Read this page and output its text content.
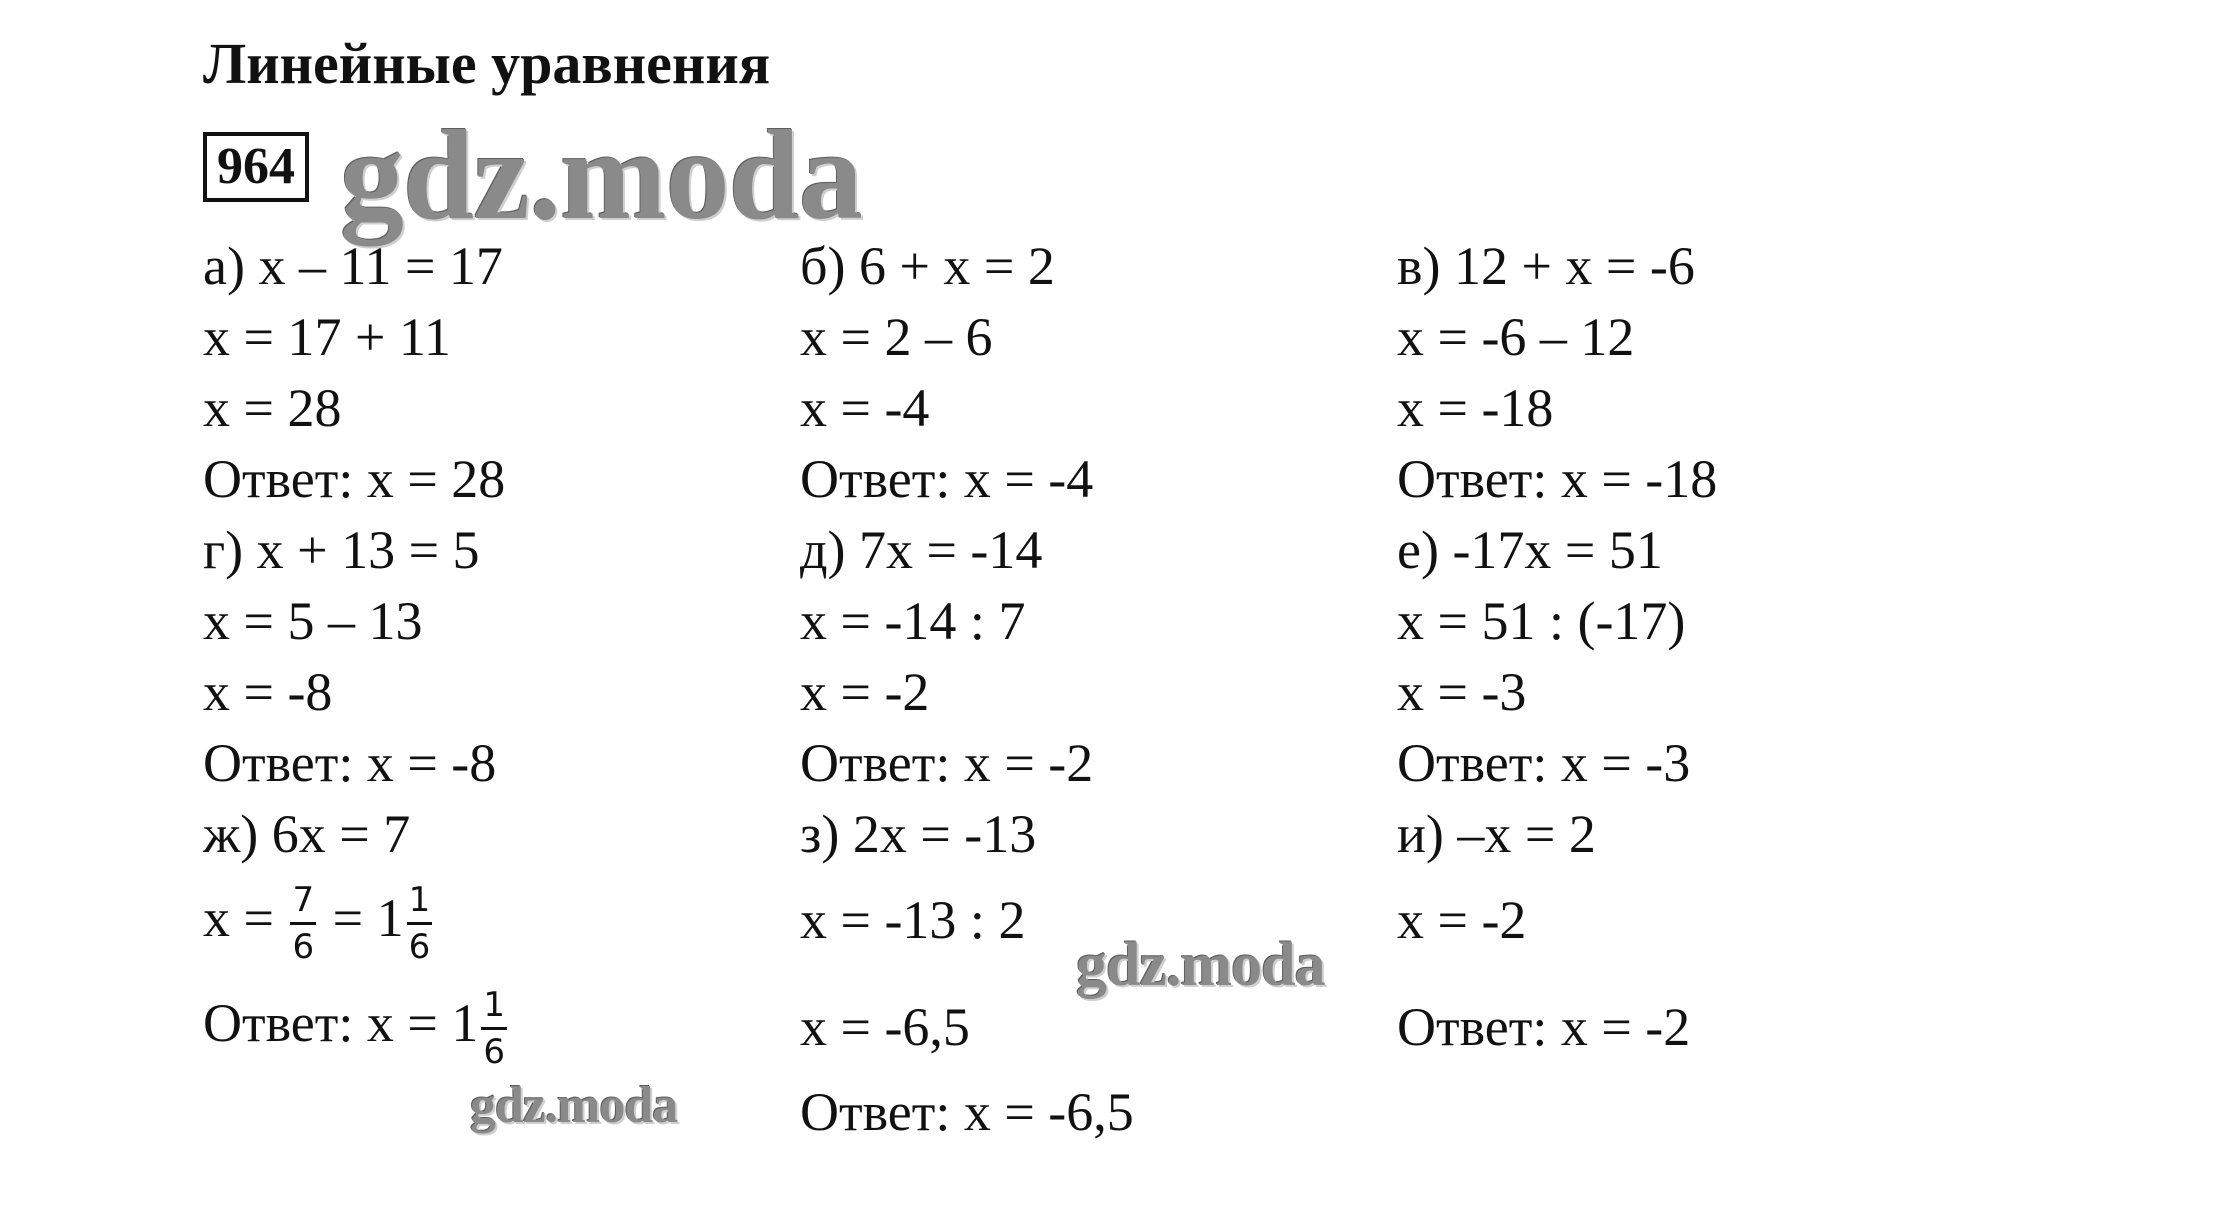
Линейные уравнения
964 gdz.moda
gdz.moda
gdz.moda
а) x – 11 = 17
x = 17 + 11
x = 28
Ответ: x = 28
г) x + 13 = 5
x = 5 – 13
x = -8
Ответ: x = -8
ж) 6x = 7
$x = \frac{7}{6} = 1 \frac{1}{6}$
Ответ: $x = 1 \frac{1}{6}$
б) 6 + x = 2
x = 2 – 6
x = -4
Ответ: x = -4
д) 7x = -14
x = -14 : 7
x = -2
Ответ: x = -2
з) 2x = -13
x = -13 : 2
x = -6,5
Ответ: x = -6,5
в) 12 + x = -6
x = -6 – 12
x = -18
Ответ: x = -18
е) -17x = 51
x = 51 : (-17)
x = -3
Ответ: x = -3
и) –x = 2
x = -2
Ответ: x = -2
